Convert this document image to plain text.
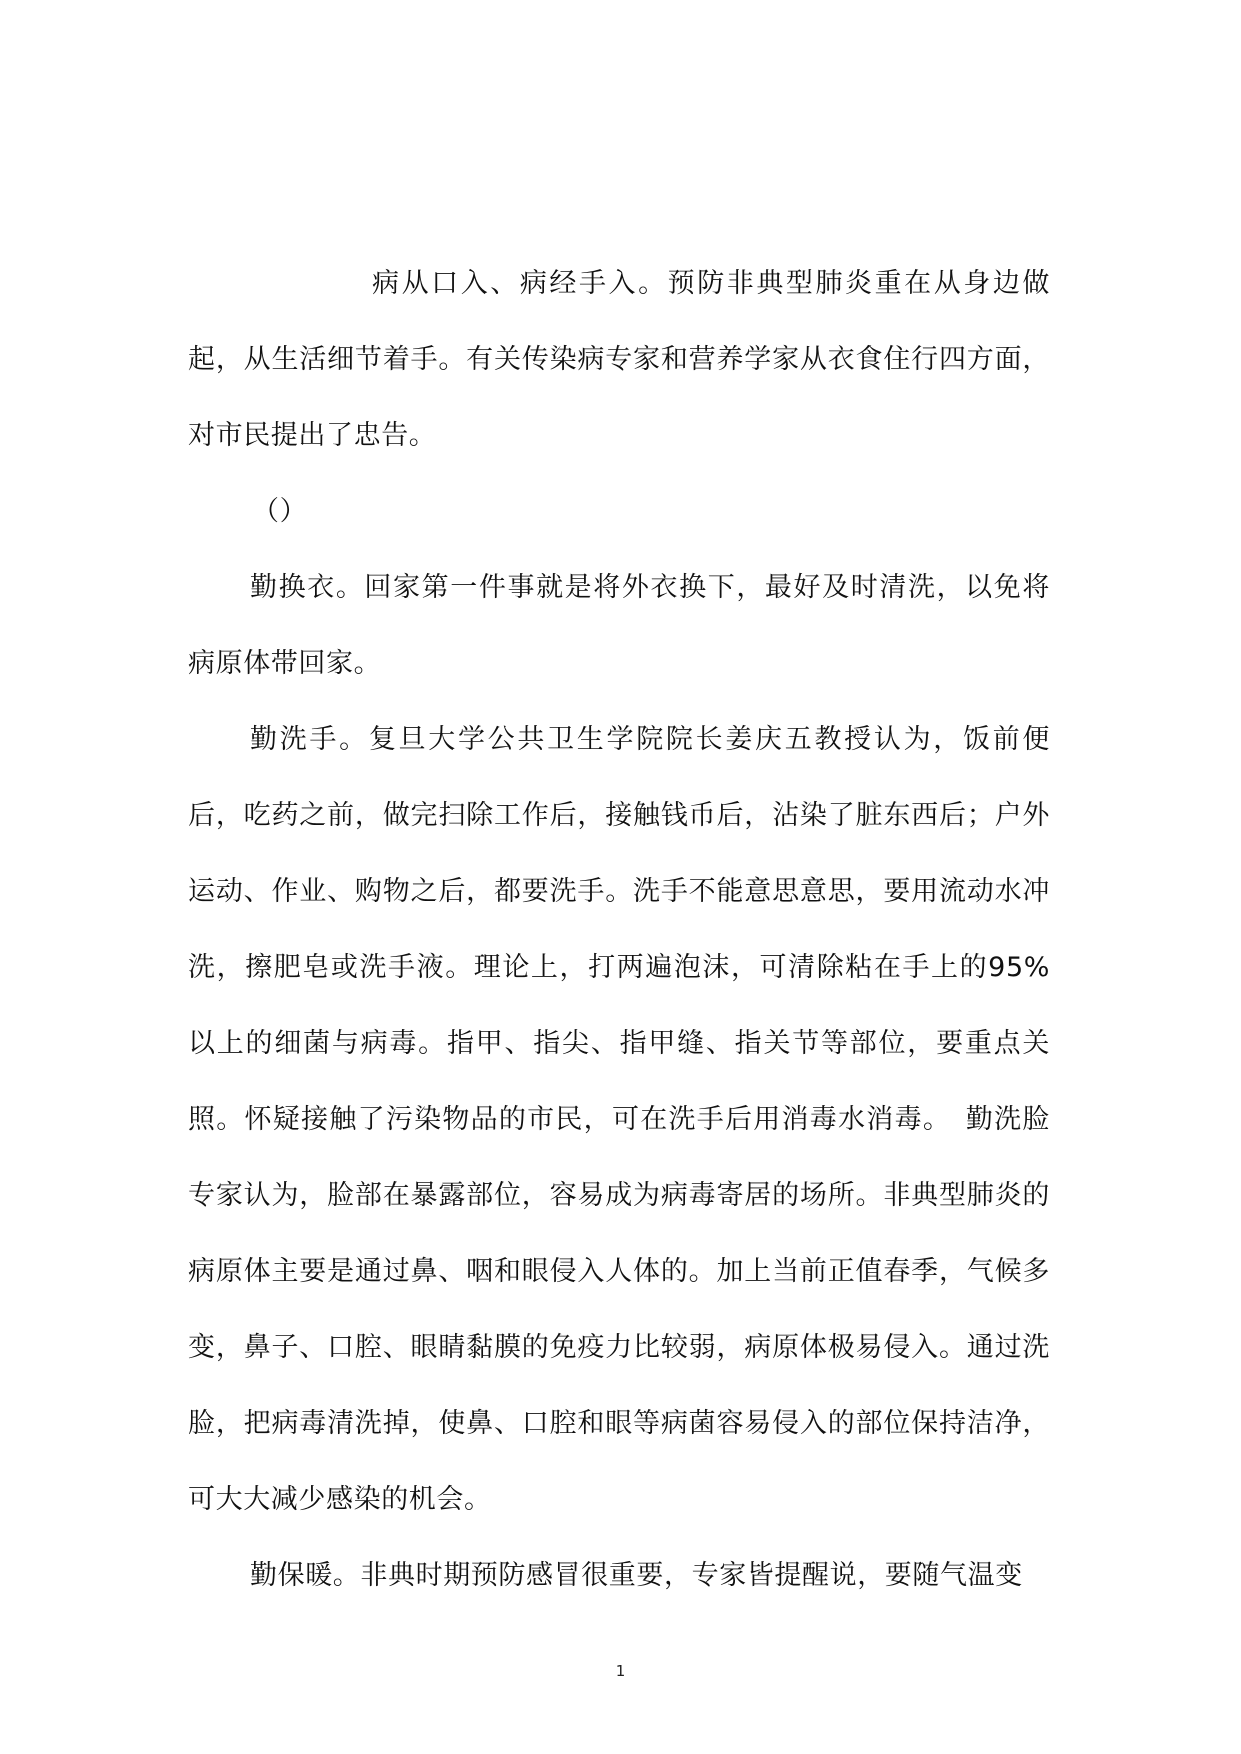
病从口入、病经手入。预防非典型肺炎重在从身边做起，从生活细节着手。有关传染病专家和营养学家从衣食住行四方面，对市民提出了忠告。

（）

勤换衣。回家第一件事就是将外衣换下，最好及时清洗，以免将病原体带回家。

勤洗手。复旦大学公共卫生学院院长姜庆五教授认为，饭前便后，吃药之前，做完扫除工作后，接触钱币后，沾染了脏东西后；户外运动、作业、购物之后，都要洗手。洗手不能意思意思，要用流动水冲洗，擦肥皂或洗手液。理论上，打两遍泡沫，可清除粘在手上的95%以上的细菌与病毒。指甲、指尖、指甲缝、指关节等部位，要重点关照。怀疑接触了污染物品的市民，可在洗手后用消毒水消毒。　勤洗脸专家认为，脸部在暴露部位，容易成为病毒寄居的场所。非典型肺炎的病原体主要是通过鼻、咽和眼侵入人体的。加上当前正值春季，气候多变，鼻子、口腔、眼睛黏膜的免疫力比较弱，病原体极易侵入。通过洗脸，把病毒清洗掉，使鼻、口腔和眼等病菌容易侵入的部位保持洁净，可大大减少感染的机会。

勤保暖。非典时期预防感冒很重要，专家皆提醒说，要随气温变

1
